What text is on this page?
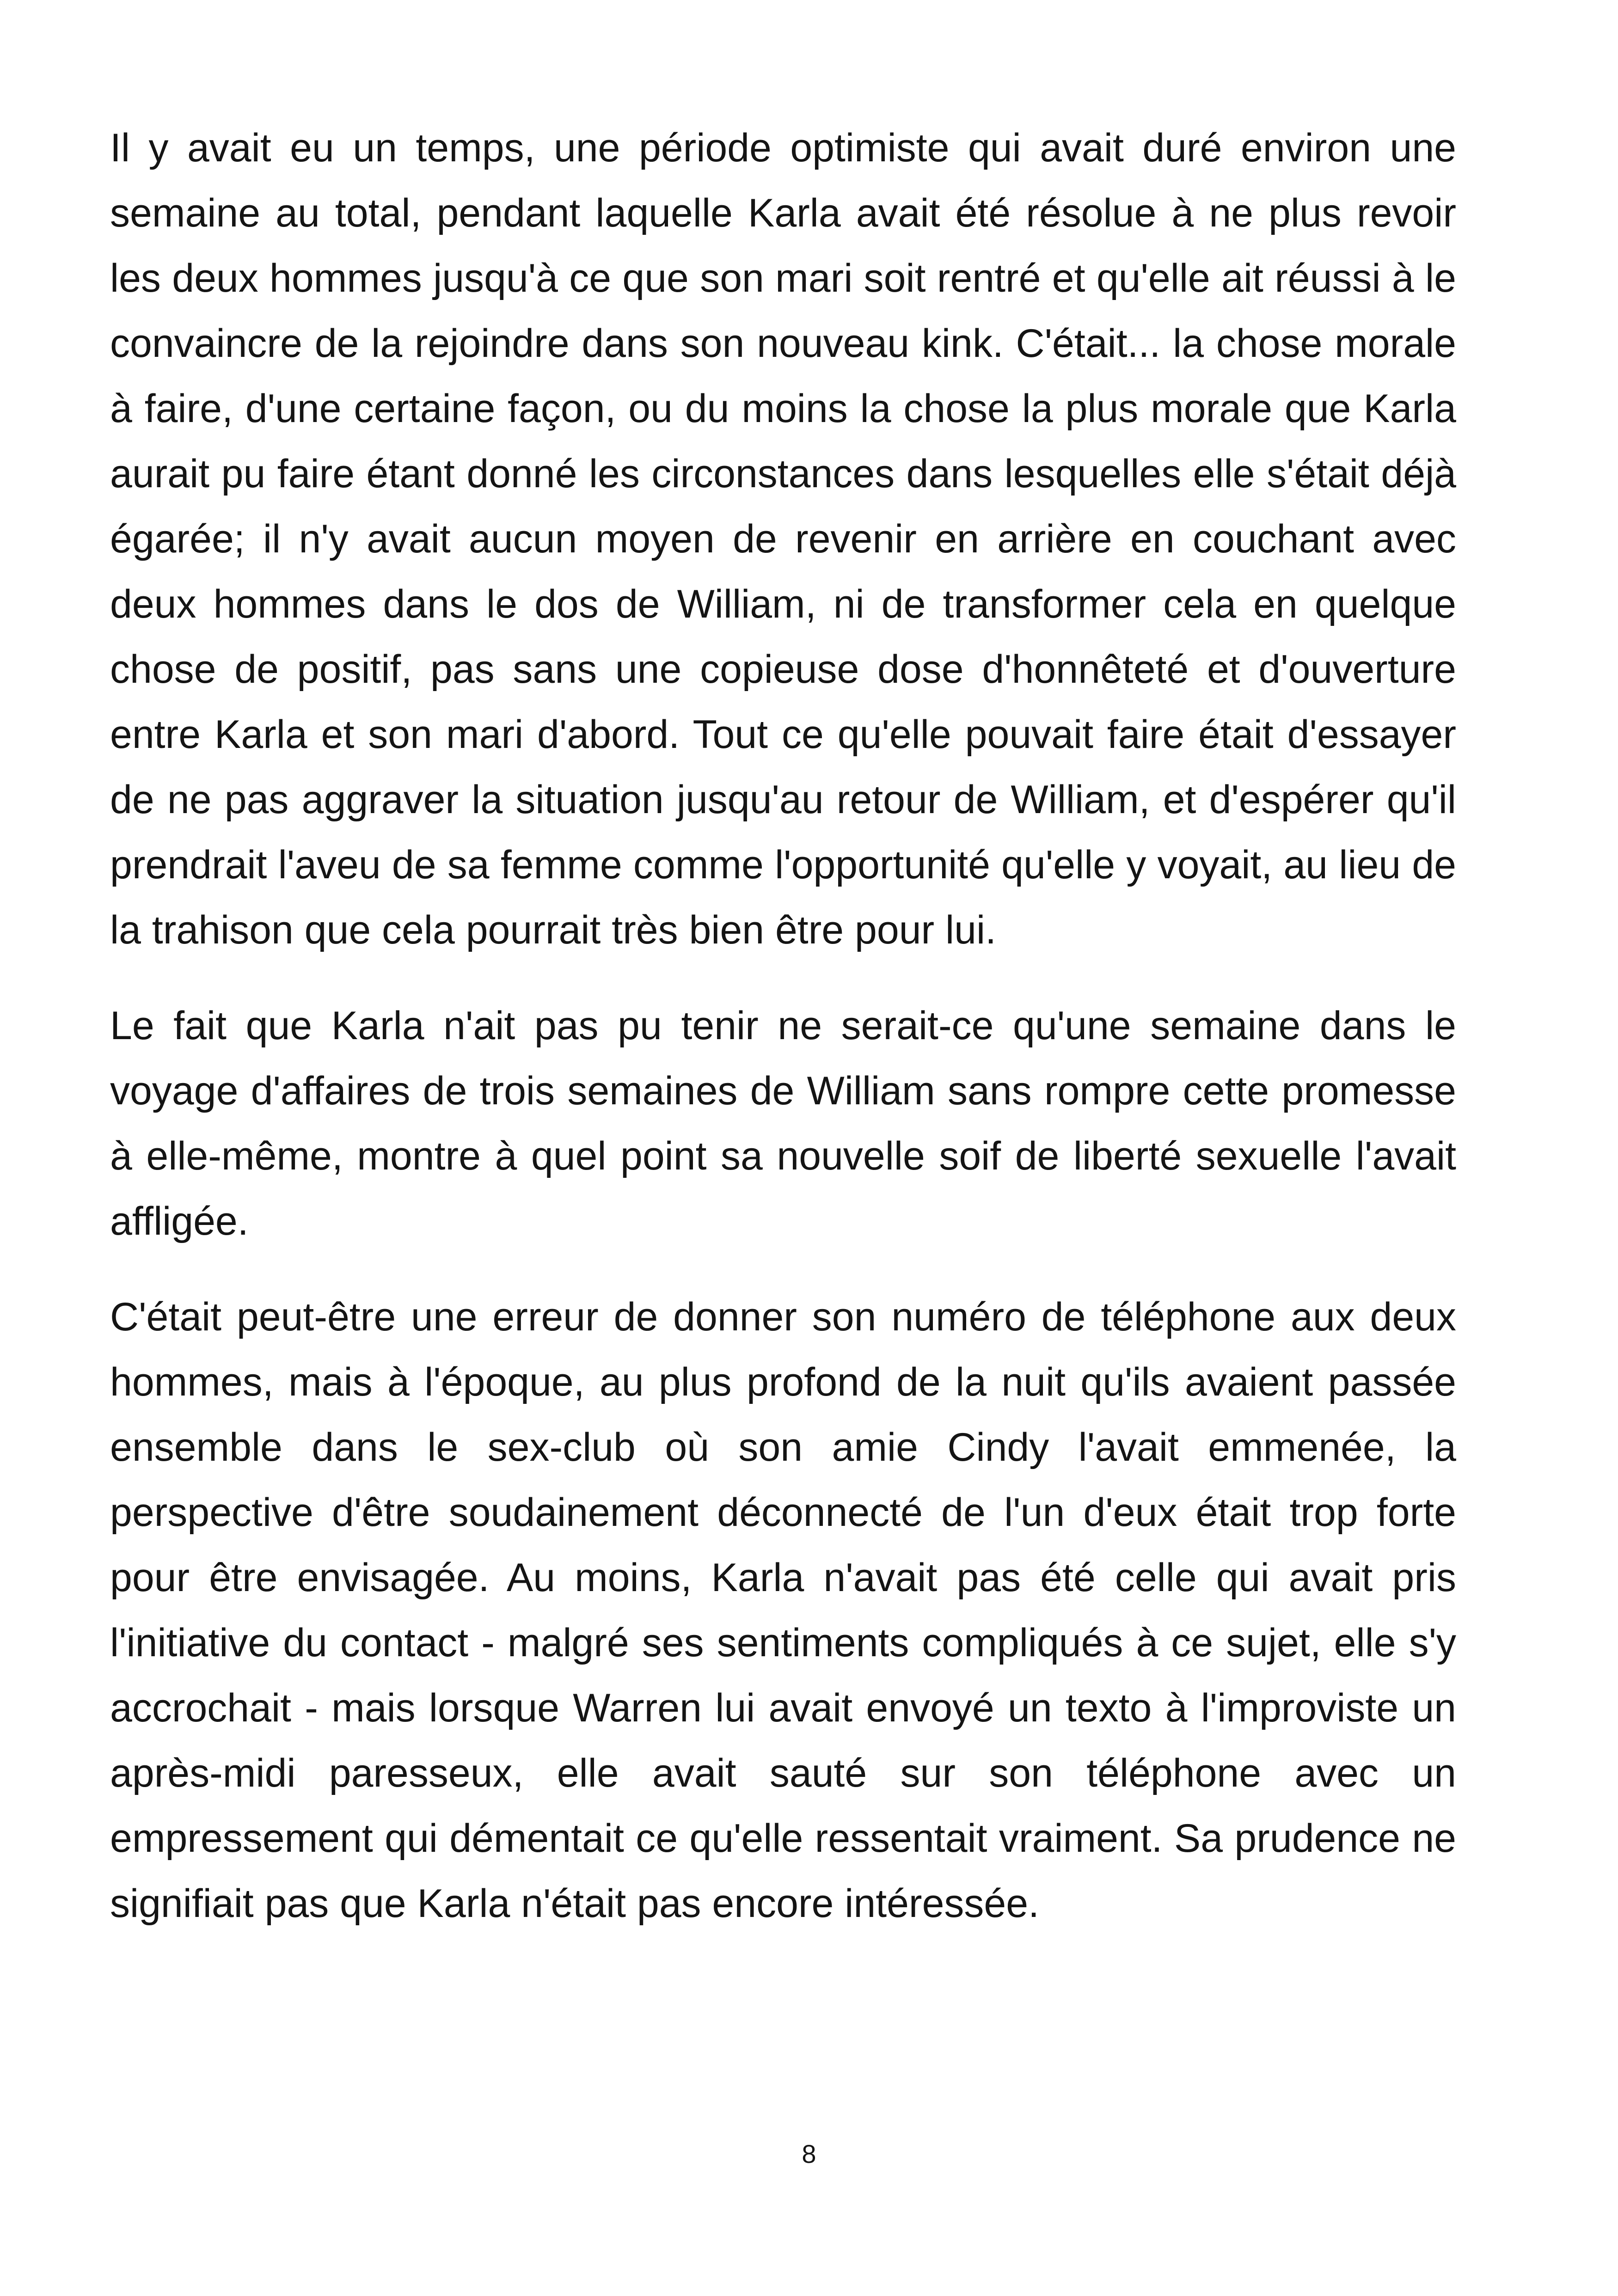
Il y avait eu un temps, une période optimiste qui avait duré environ une semaine au total, pendant laquelle Karla avait été résolue à ne plus revoir les deux hommes jusqu'à ce que son mari soit rentré et qu'elle ait réussi à le convaincre de la rejoindre dans son nouveau kink. C'était... la chose morale à faire, d'une certaine façon, ou du moins la chose la plus morale que Karla aurait pu faire étant donné les circonstances dans lesquelles elle s'était déjà égarée; il n'y avait aucun moyen de revenir en arrière en couchant avec deux hommes dans le dos de William, ni de transformer cela en quelque chose de positif, pas sans une copieuse dose d'honnêteté et d'ouverture entre Karla et son mari d'abord. Tout ce qu'elle pouvait faire était d'essayer de ne pas aggraver la situation jusqu'au retour de William, et d'espérer qu'il prendrait l'aveu de sa femme comme l'opportunité qu'elle y voyait, au lieu de la trahison que cela pourrait très bien être pour lui.

Le fait que Karla n'ait pas pu tenir ne serait-ce qu'une semaine dans le voyage d'affaires de trois semaines de William sans rompre cette promesse à elle-même, montre à quel point sa nouvelle soif de liberté sexuelle l'avait affligée.

C'était peut-être une erreur de donner son numéro de téléphone aux deux hommes, mais à l'époque, au plus profond de la nuit qu'ils avaient passée ensemble dans le sex-club où son amie Cindy l'avait emmenée, la perspective d'être soudainement déconnecté de l'un d'eux était trop forte pour être envisagée. Au moins, Karla n'avait pas été celle qui avait pris l'initiative du contact - malgré ses sentiments compliqués à ce sujet, elle s'y accrochait - mais lorsque Warren lui avait envoyé un texto à l'improviste un après-midi paresseux, elle avait sauté sur son téléphone avec un empressement qui démentait ce qu'elle ressentait vraiment. Sa prudence ne signifiait pas que Karla n'était pas encore intéressée.

8
